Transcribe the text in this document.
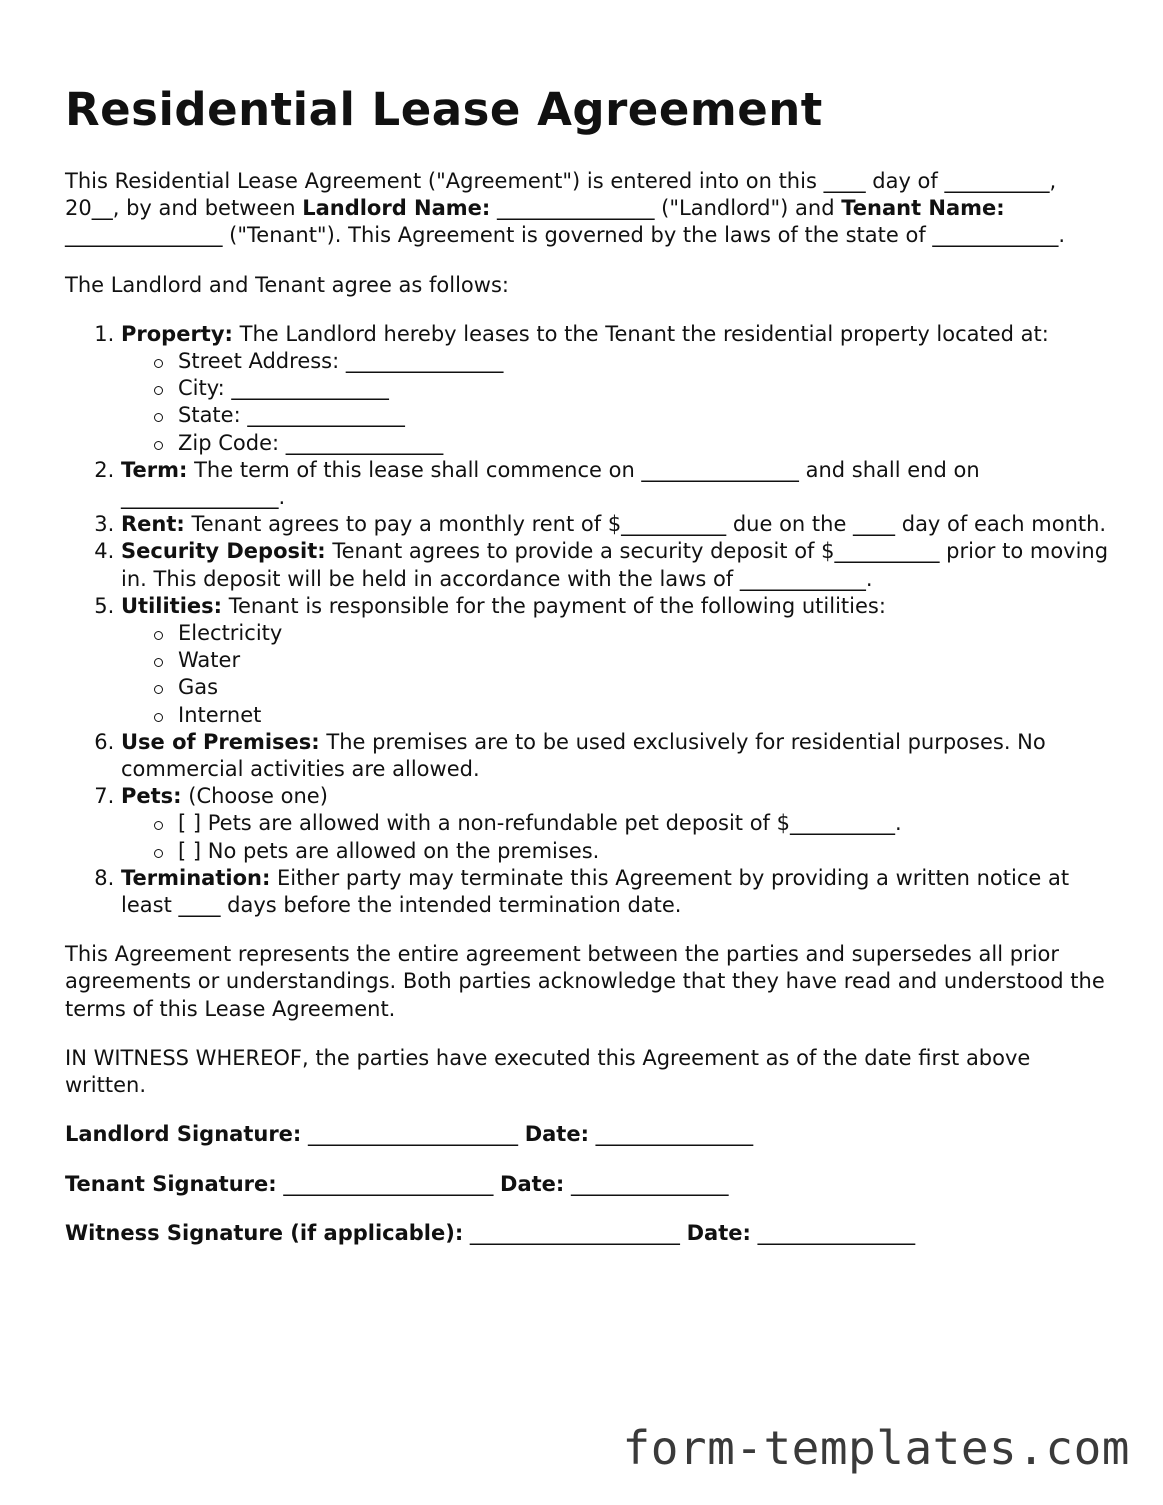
Residential Lease Agreement

This Residential Lease Agreement ("Agreement") is entered into on this ____ day of __________, 20__, by and between Landlord Name: _______________ ("Landlord") and Tenant Name: _______________ ("Tenant"). This Agreement is governed by the laws of the state of ____________.

The Landlord and Tenant agree as follows:

1. Property: The Landlord hereby leases to the Tenant the residential property located at:
Street Address: _______________
City: _______________
State: _______________
Zip Code: _______________
2. Term: The term of this lease shall commence on _______________ and shall end on _______________.
3. Rent: Tenant agrees to pay a monthly rent of $__________ due on the ____ day of each month.
4. Security Deposit: Tenant agrees to provide a security deposit of $__________ prior to moving in. This deposit will be held in accordance with the laws of ____________.
5. Utilities: Tenant is responsible for the payment of the following utilities:
Electricity
Water
Gas
Internet
6. Use of Premises: The premises are to be used exclusively for residential purposes. No commercial activities are allowed.
7. Pets: (Choose one)
[ ] Pets are allowed with a non-refundable pet deposit of $__________.
[ ] No pets are allowed on the premises.
8. Termination: Either party may terminate this Agreement by providing a written notice at least ____ days before the intended termination date.

This Agreement represents the entire agreement between the parties and supersedes all prior agreements or understandings. Both parties acknowledge that they have read and understood the terms of this Lease Agreement.

IN WITNESS WHEREOF, the parties have executed this Agreement as of the date first above written.

Landlord Signature: ____________________ Date: _______________

Tenant Signature: ____________________ Date: _______________

Witness Signature (if applicable): ____________________ Date: _______________

form-templates.com
